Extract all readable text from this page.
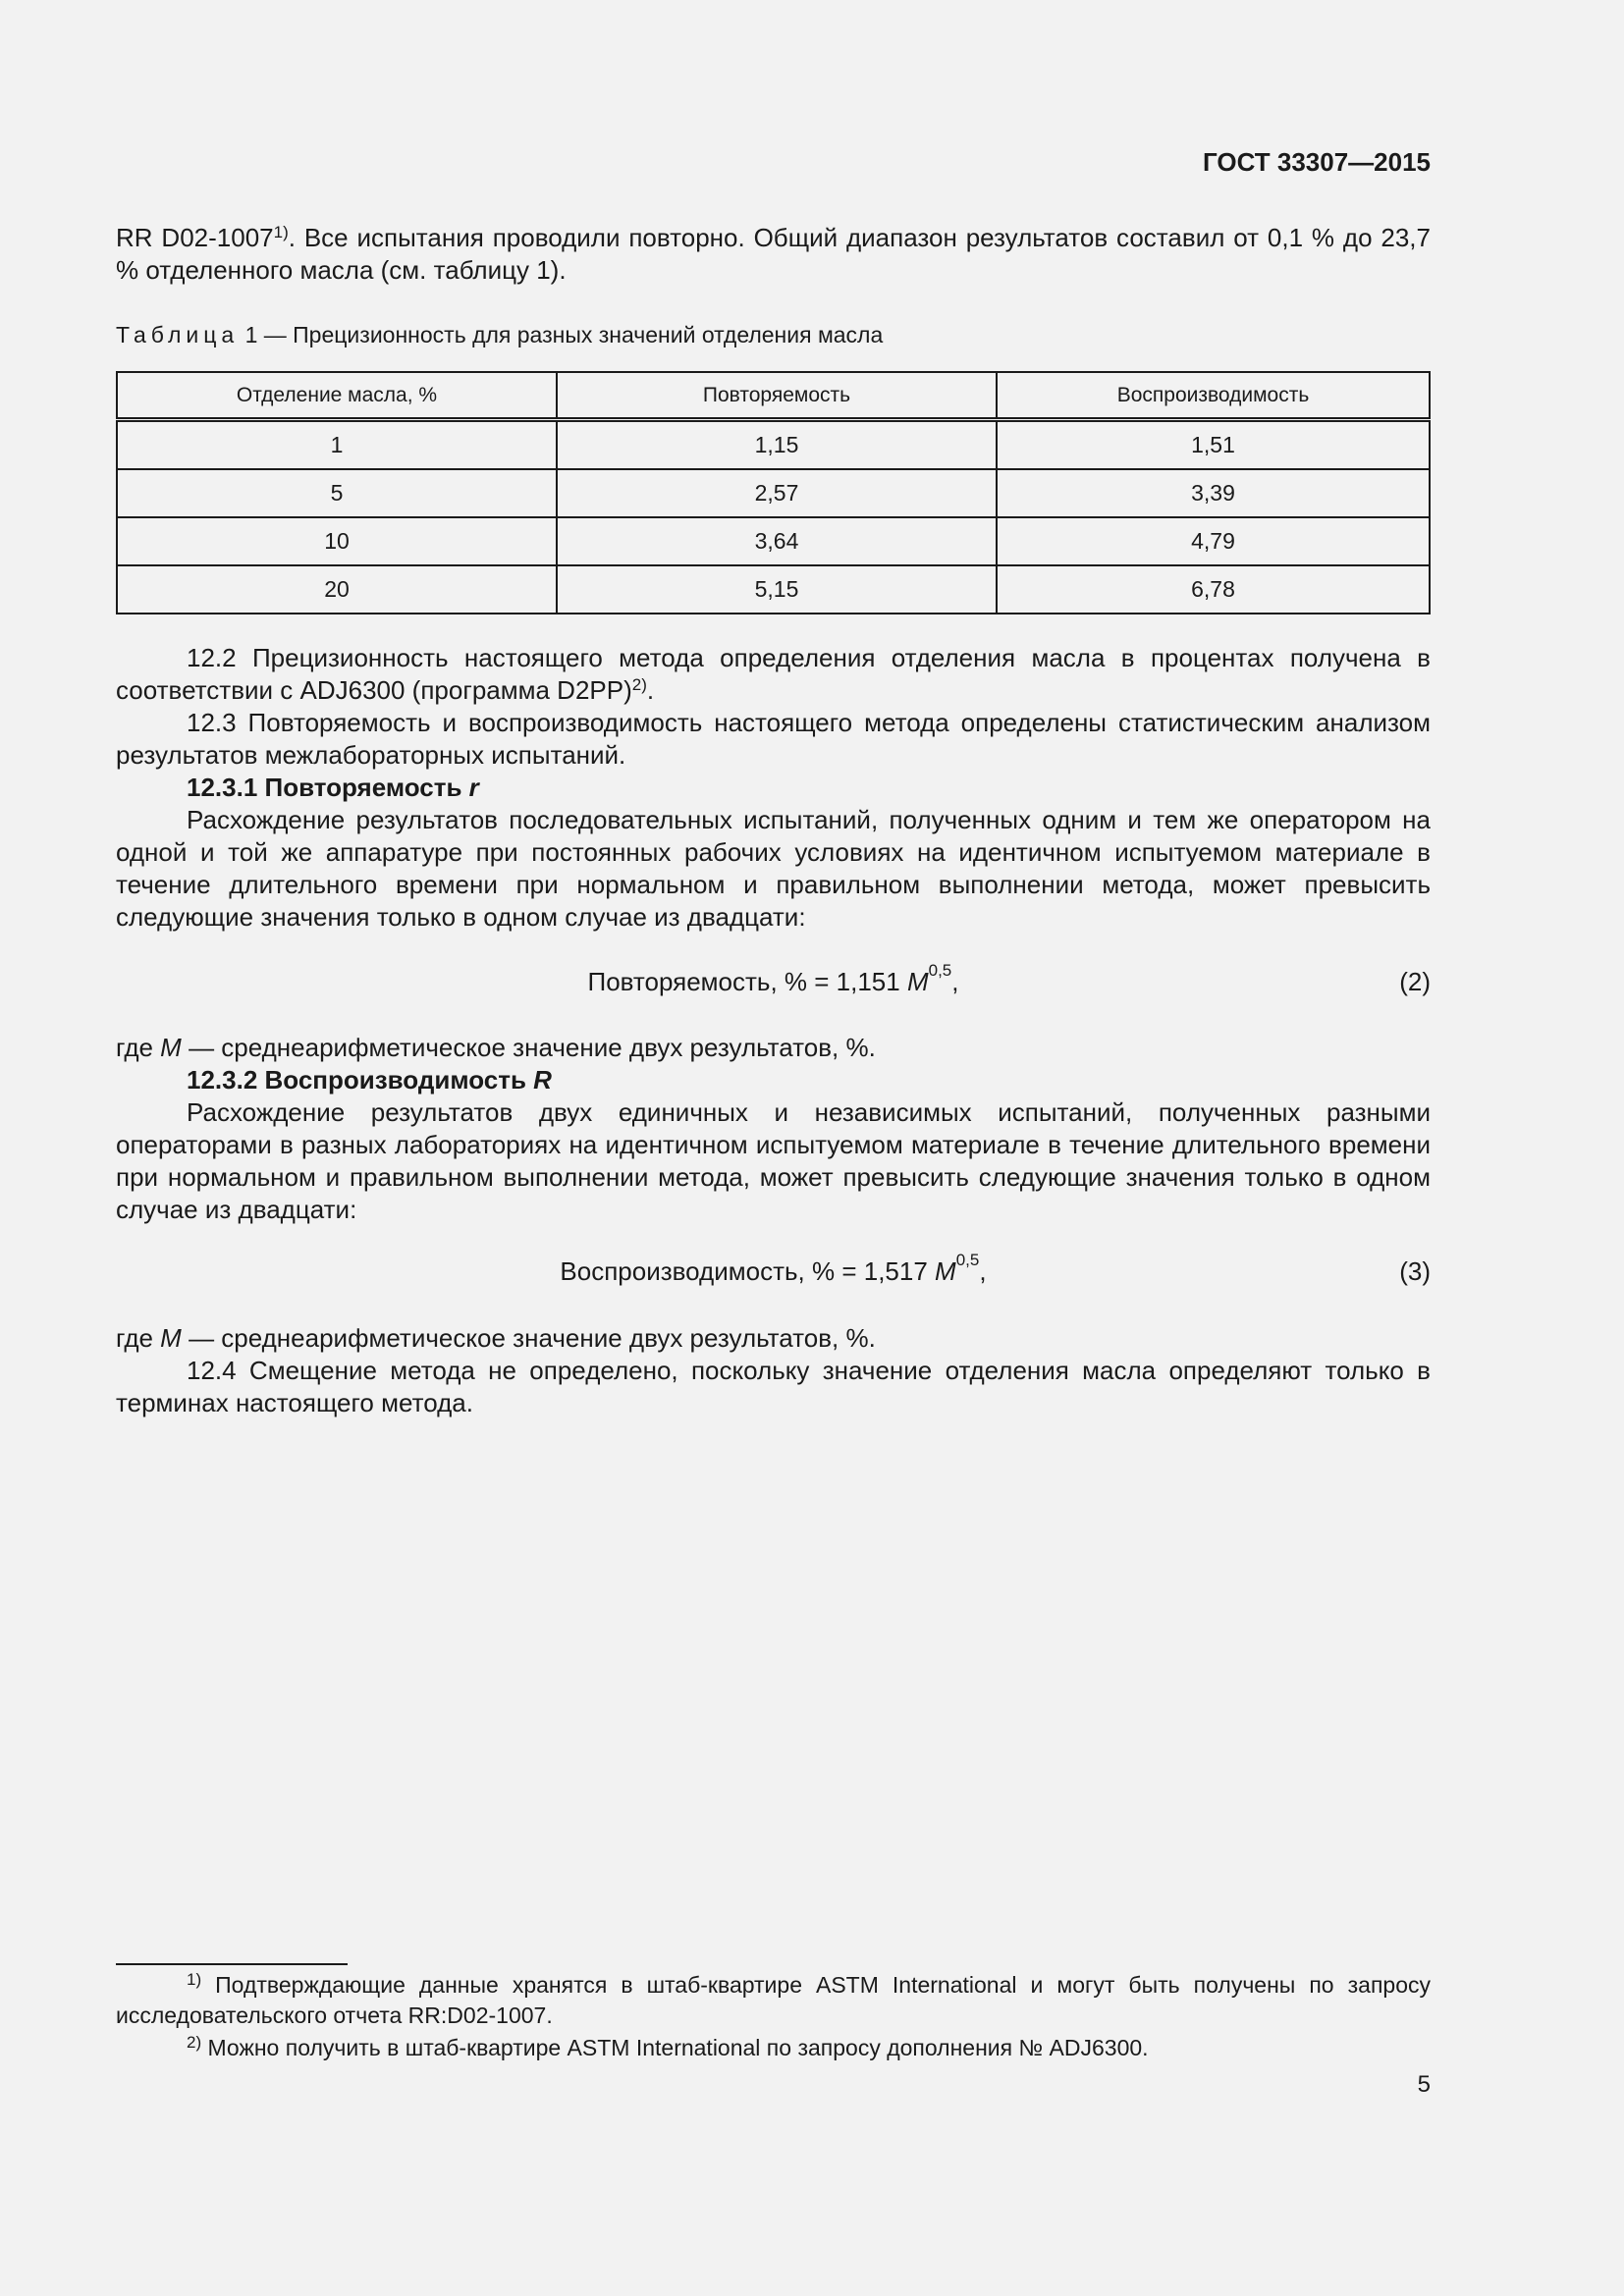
ГОСТ 33307—2015
RR D02-1007$^{1)}$. Все испытания проводили повторно. Общий диапазон результатов составил от 0,1 % до 23,7 % отделенного масла (см. таблицу 1).
Таблица 1 — Прецизионность для разных значений отделения масла
Отделение масла, %	Повторяемость	Воспроизводимость
1	1,15	1,51
5	2,57	3,39
10	3,64	4,79
20	5,15	6,78
12.2 Прецизионность настоящего метода определения отделения масла в процентах получена в соответствии с ADJ6300 (программа D2PP)$^{2)}$.
12.3 Повторяемость и воспроизводимость настоящего метода определены статистическим анализом результатов межлабораторных испытаний.
12.3.1 Повторяемость r
Расхождение результатов последовательных испытаний, полученных одним и тем же оператором на одной и той же аппаратуре при постоянных рабочих условиях на идентичном испытуемом материале в течение длительного времени при нормальном и правильном выполнении метода, может превысить следующие значения только в одном случае из двадцати:
Повторяемость, % = 1,151 M$^{0,5}$,	(2)
где M — среднеарифметическое значение двух результатов, %.
12.3.2 Воспроизводимость R
Расхождение результатов двух единичных и независимых испытаний, полученных разными операторами в разных лабораториях на идентичном испытуемом материале в течение длительного времени при нормальном и правильном выполнении метода, может превысить следующие значения только в одном случае из двадцати:
Воспроизводимость, % = 1,517 M$^{0,5}$,	(3)
где M — среднеарифметическое значение двух результатов, %.
12.4 Смещение метода не определено, поскольку значение отделения масла определяют только в терминах настоящего метода.
$^{1)}$ Подтверждающие данные хранятся в штаб-квартире ASTM International и могут быть получены по запросу исследовательского отчета RR:D02-1007.
$^{2)}$ Можно получить в штаб-квартире ASTM International по запросу дополнения № ADJ6300.
5
